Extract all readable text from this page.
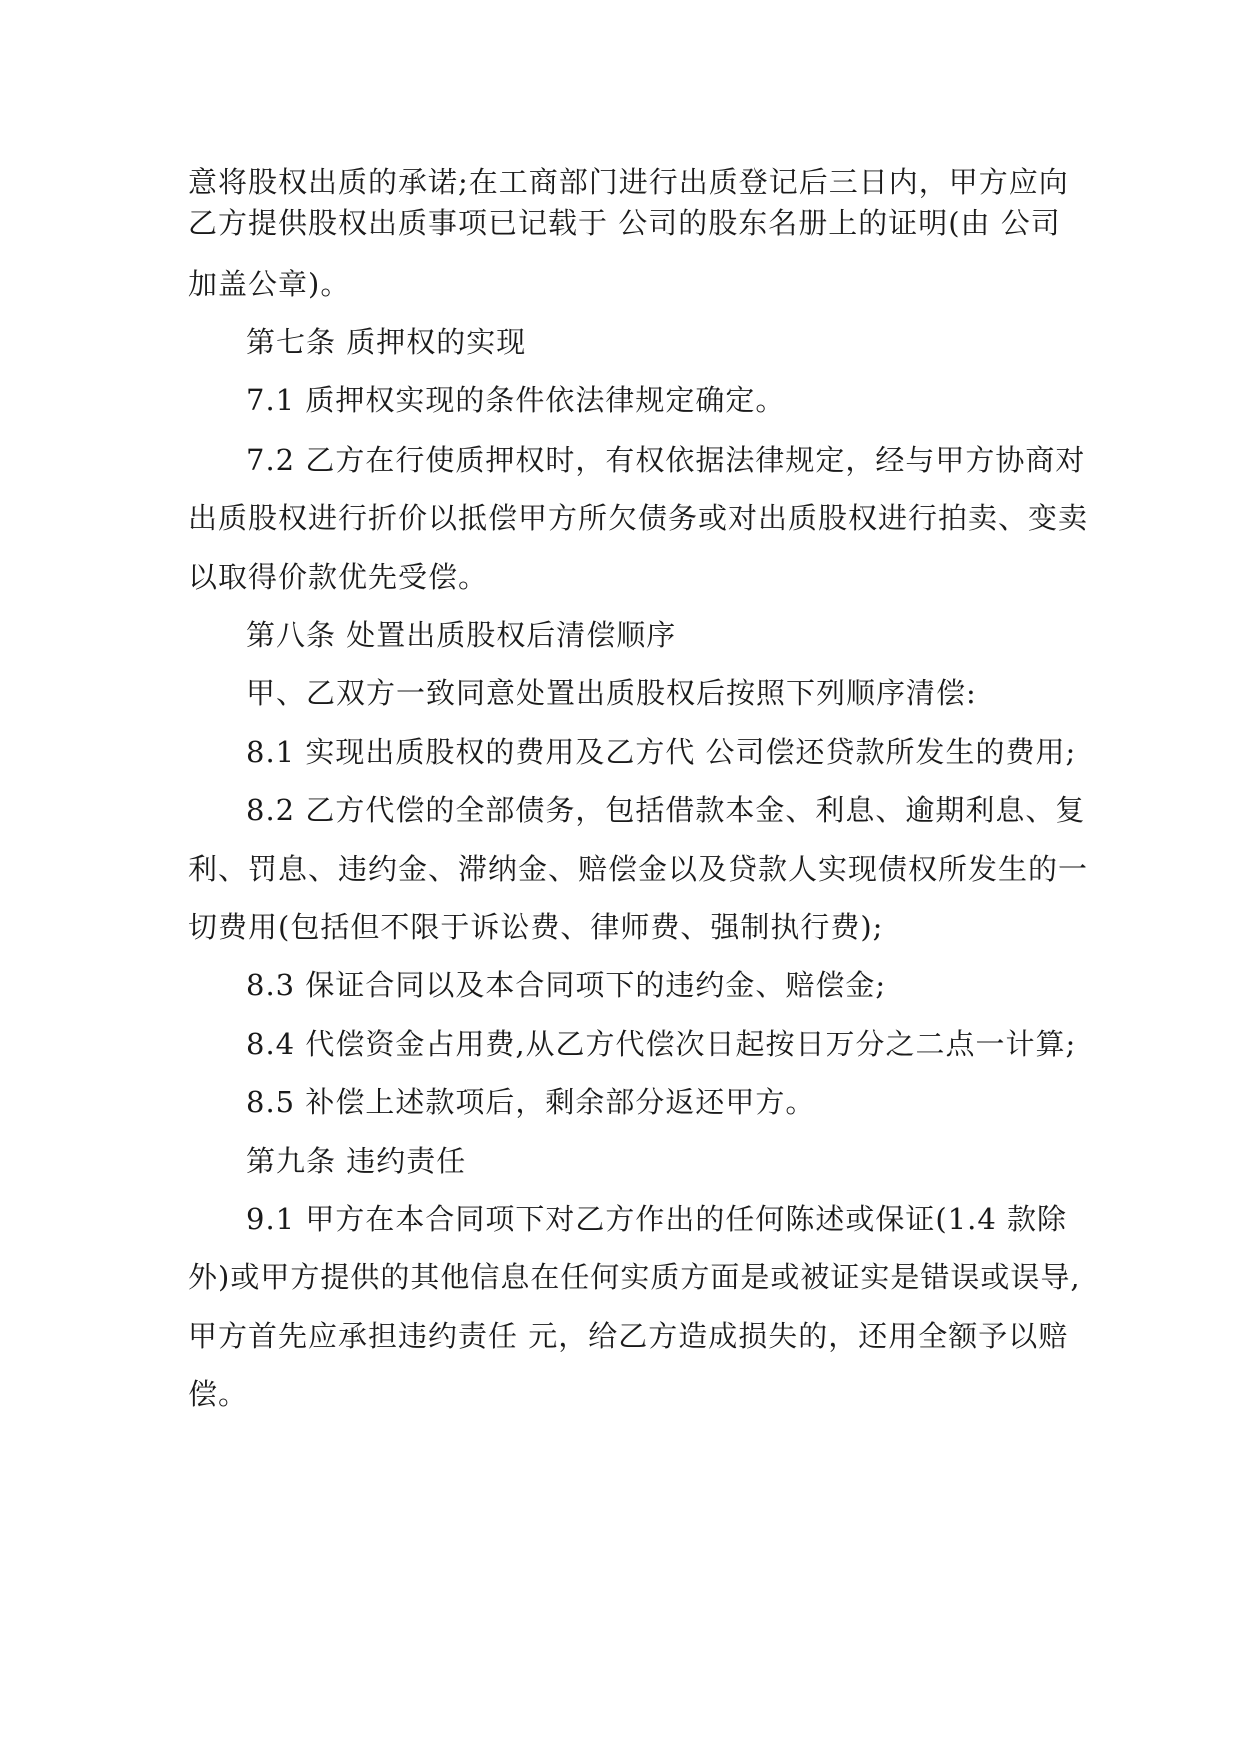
意将股权出质的承诺;在工商部门进行出质登记后三日内，甲方应向
乙方提供股权出质事项已记载于 公司的股东名册上的证明(由 公司
加盖公章)。
第七条 质押权的实现
7.1 质押权实现的条件依法律规定确定。
7.2 乙方在行使质押权时，有权依据法律规定，经与甲方协商对
出质股权进行折价以抵偿甲方所欠债务或对出质股权进行拍卖、变卖
以取得价款优先受偿。
第八条 处置出质股权后清偿顺序
甲、乙双方一致同意处置出质股权后按照下列顺序清偿:
8.1 实现出质股权的费用及乙方代 公司偿还贷款所发生的费用;
8.2 乙方代偿的全部债务，包括借款本金、利息、逾期利息、复
利、罚息、违约金、滞纳金、赔偿金以及贷款人实现债权所发生的一
切费用(包括但不限于诉讼费、律师费、强制执行费);
8.3 保证合同以及本合同项下的违约金、赔偿金;
8.4 代偿资金占用费,从乙方代偿次日起按日万分之二点一计算;
8.5 补偿上述款项后，剩余部分返还甲方。
第九条 违约责任
9.1 甲方在本合同项下对乙方作出的任何陈述或保证(1.4 款除
外)或甲方提供的其他信息在任何实质方面是或被证实是错误或误导,
甲方首先应承担违约责任 元，给乙方造成损失的，还用全额予以赔
偿。
